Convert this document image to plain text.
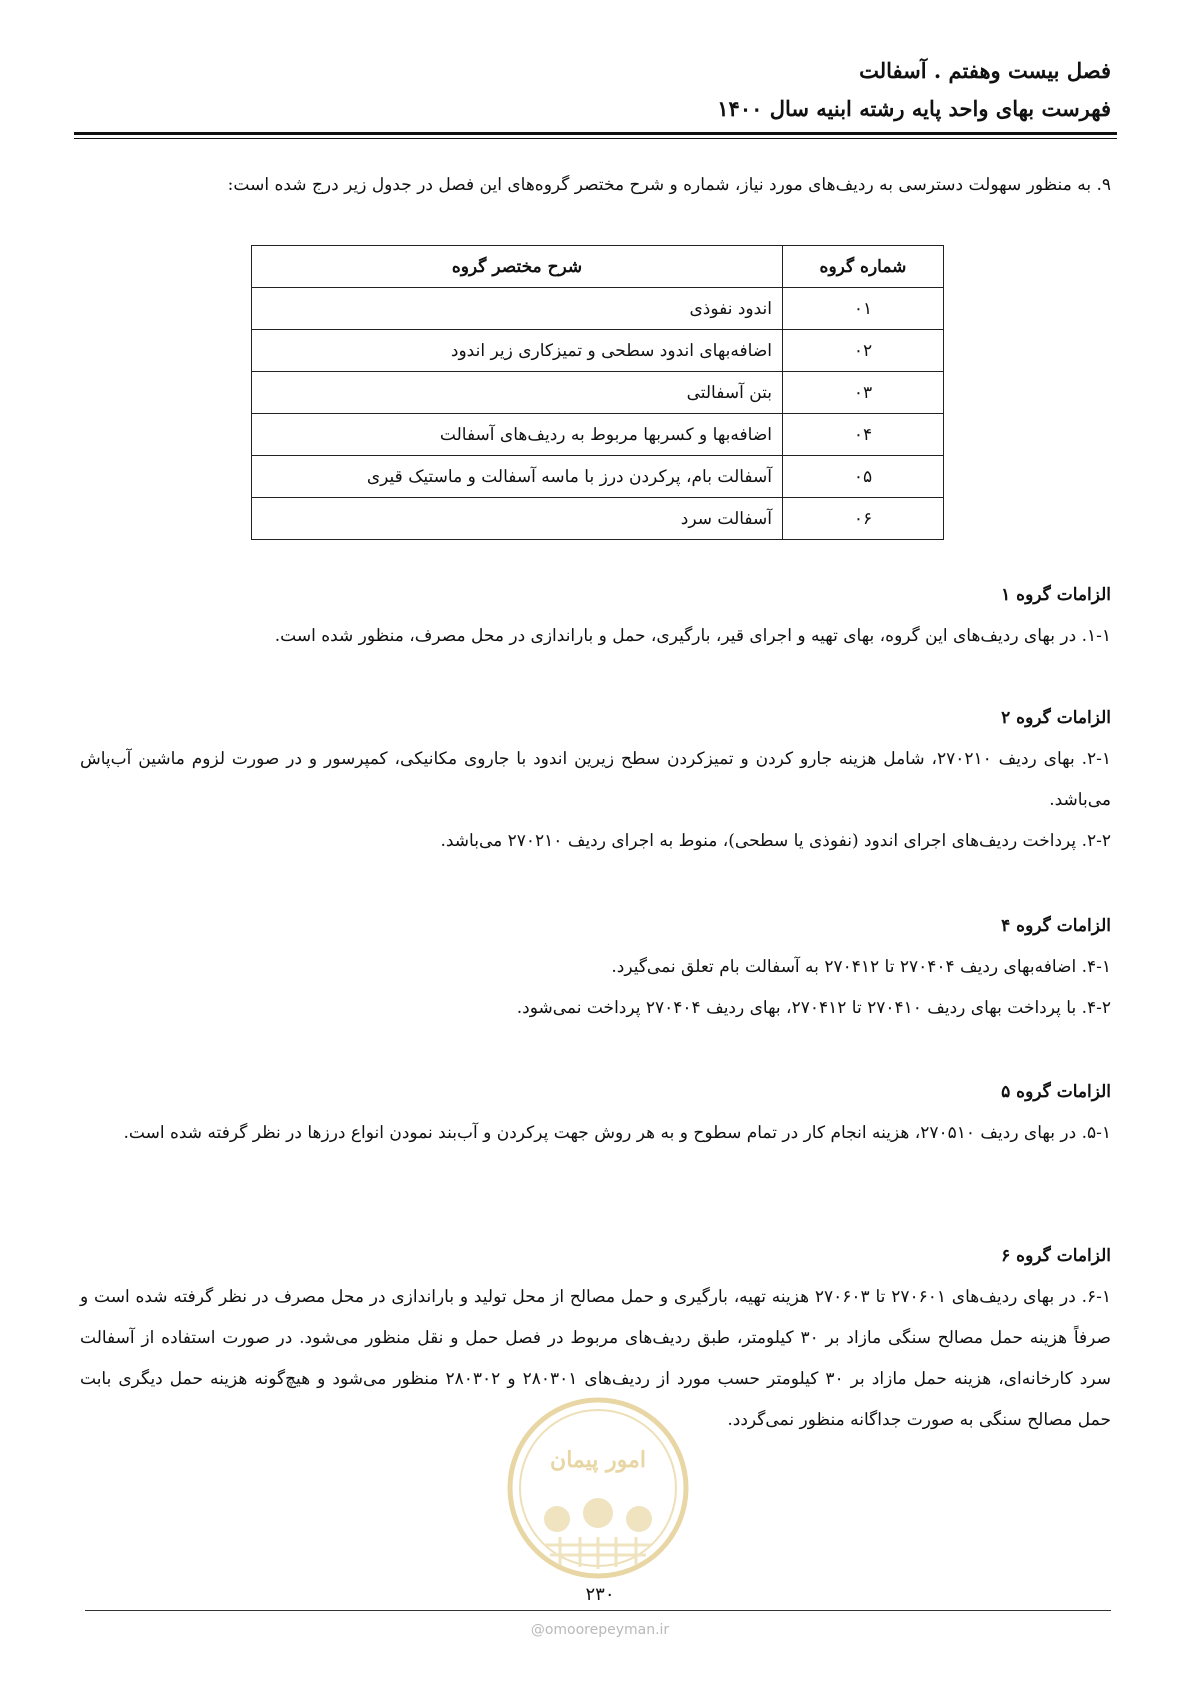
فصل بیست وهفتم . آسفالت
فهرست بهای واحد پایه رشته ابنیه سال ۱۴۰۰
۹. به منظور سهولت دسترسی به ردیف‌های مورد نیاز، شماره و شرح مختصر گروه‌های این فصل در جدول زیر درج شده است:
شماره گروه	شرح مختصر گروه
۰۱	اندود نفوذی
۰۲	اضافه‌بهای اندود سطحی و تمیزکاری زیر اندود
۰۳	بتن آسفالتی
۰۴	اضافه‌بها و کسربها مربوط به ردیف‌های آسفالت
۰۵	آسفالت بام، پرکردن درز با ماسه آسفالت و ماستیک قیری
۰۶	آسفالت سرد
الزامات گروه ۱

۱-۱. در بهای ردیف‌های این گروه، بهای تهیه و اجرای قیر، بارگیری، حمل و باراندازی در محل مصرف، منظور شده است.

الزامات گروه ۲

۲-۱. بهای ردیف ۲۷۰۲۱۰، شامل هزینه جارو کردن و تمیزکردن سطح زیرین اندود با جاروی مکانیکی، کمپرسور و در صورت لزوم ماشین آب‌پاش می‌باشد.

۲-۲. پرداخت ردیف‌های اجرای اندود (نفوذی یا سطحی)، منوط به اجرای ردیف ۲۷۰۲۱۰ می‌باشد.

الزامات گروه ۴

۴-۱. اضافه‌بهای ردیف ۲۷۰۴۰۴ تا ۲۷۰۴۱۲ به آسفالت بام تعلق نمی‌گیرد.

۴-۲. با پرداخت بهای ردیف ۲۷۰۴۱۰ تا ۲۷۰۴۱۲، بهای ردیف ۲۷۰۴۰۴ پرداخت نمی‌شود.

الزامات گروه ۵

۵-۱. در بهای ردیف ۲۷۰۵۱۰، هزینه انجام کار در تمام سطوح و به هر روش جهت پرکردن و آب‌بند نمودن انواع درزها در نظر گرفته شده است.

الزامات گروه ۶

۶-۱. در بهای ردیف‌های ۲۷۰۶۰۱ تا ۲۷۰۶۰۳ هزینه تهیه، بارگیری و حمل مصالح از محل تولید و باراندازی در محل مصرف در نظر گرفته شده است و صرفاً هزینه حمل مصالح سنگی مازاد بر ۳۰ کیلومتر، طبق ردیف‌های مربوط در فصل حمل و نقل منظور می‌شود. در صورت استفاده از آسفالت سرد کارخانه‌ای، هزینه حمل مازاد بر ۳۰ کیلومتر حسب مورد از ردیف‌های ۲۸۰۳۰۱ و ۲۸۰۳۰۲ منظور می‌شود و هیچ‌گونه هزینه حمل دیگری بابت حمل مصالح سنگی به صورت جداگانه منظور نمی‌گردد.

امور پیمان
۲۳۰
@omoorepeyman.ir
